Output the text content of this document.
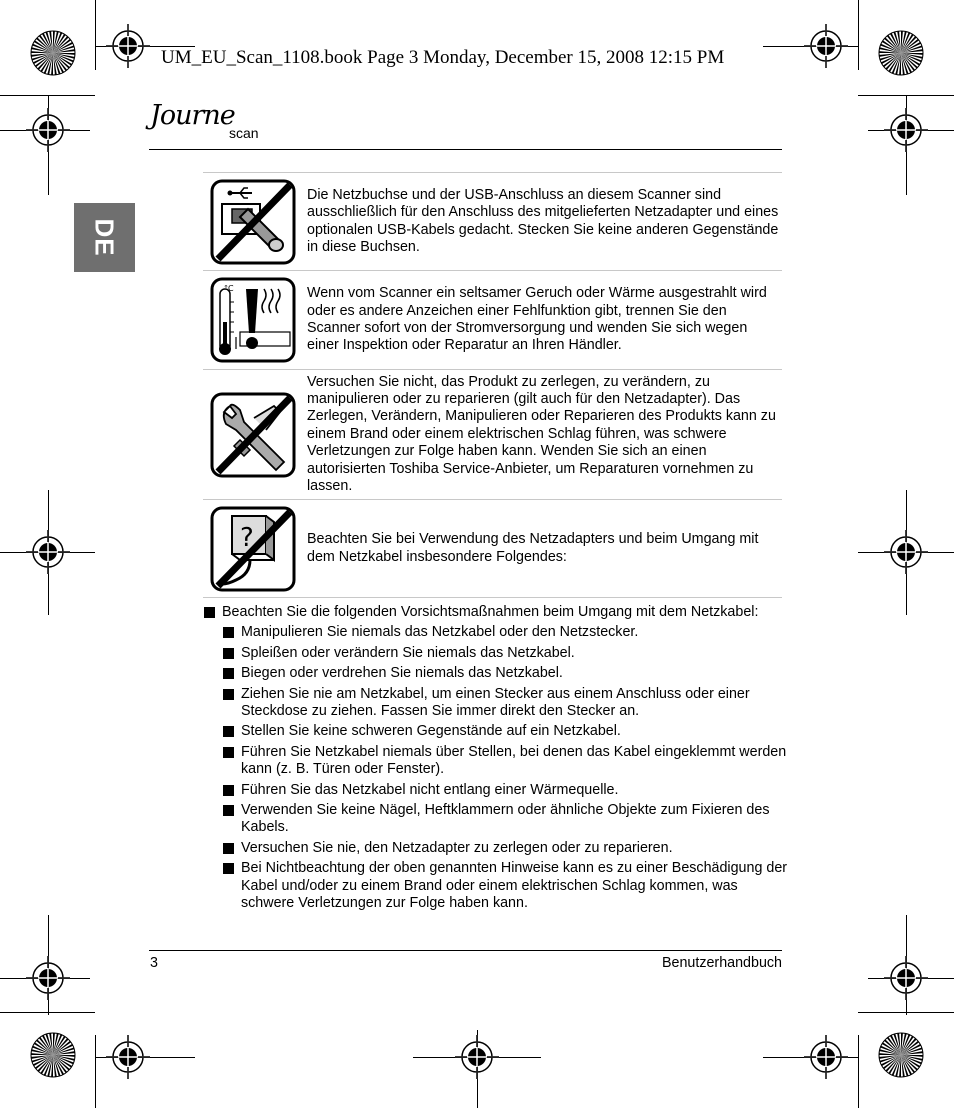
UM_EU_Scan_1108.book Page 3 Monday, December 15, 2008 12:15 PM
Journe
scan
DE
Die Netzbuchse und der USB-Anschluss an diesem Scanner sind ausschließlich für den Anschluss des mitgelieferten Netzadapter und eines optionalen USB-Kabels gedacht. Stecken Sie keine anderen Gegenstände in diese Buchsen.
°C	Wenn vom Scanner ein seltsamer Geruch oder Wärme ausgestrahlt wird oder es andere Anzeichen einer Fehlfunktion gibt, trennen Sie den Scanner sofort von der Stromversorgung und wenden Sie sich wegen einer Inspektion oder Reparatur an Ihren Händler.
Versuchen Sie nicht, das Produkt zu zerlegen, zu verändern, zu manipulieren oder zu reparieren (gilt auch für den Netzadapter). Das Zerlegen, Verändern, Manipulieren oder Reparieren des Produkts kann zu einem Brand oder einem elektrischen Schlag führen, was schwere Verletzungen zur Folge haben kann. Wenden Sie sich an einen autorisierten Toshiba Service-Anbieter, um Reparaturen vornehmen zu lassen.
?	Beachten Sie bei Verwendung des Netzadapters und beim Umgang mit dem Netzkabel insbesondere Folgendes:
Beachten Sie die folgenden Vorsichtsmaßnahmen beim Umgang mit dem Netzkabel:
Manipulieren Sie niemals das Netzkabel oder den Netzstecker.
Spleißen oder verändern Sie niemals das Netzkabel.
Biegen oder verdrehen Sie niemals das Netzkabel.
Ziehen Sie nie am Netzkabel, um einen Stecker aus einem Anschluss oder einer Steckdose zu ziehen. Fassen Sie immer direkt den Stecker an.
Stellen Sie keine schweren Gegenstände auf ein Netzkabel.
Führen Sie Netzkabel niemals über Stellen, bei denen das Kabel eingeklemmt werden kann (z. B. Türen oder Fenster).
Führen Sie das Netzkabel nicht entlang einer Wärmequelle.
Verwenden Sie keine Nägel, Heftklammern oder ähnliche Objekte zum Fixieren des Kabels.
Versuchen Sie nie, den Netzadapter zu zerlegen oder zu reparieren.
Bei Nichtbeachtung der oben genannten Hinweise kann es zu einer Beschädigung der Kabel und/oder zu einem Brand oder einem elektrischen Schlag kommen, was schwere Verletzungen zur Folge haben kann.
3	Benutzerhandbuch
